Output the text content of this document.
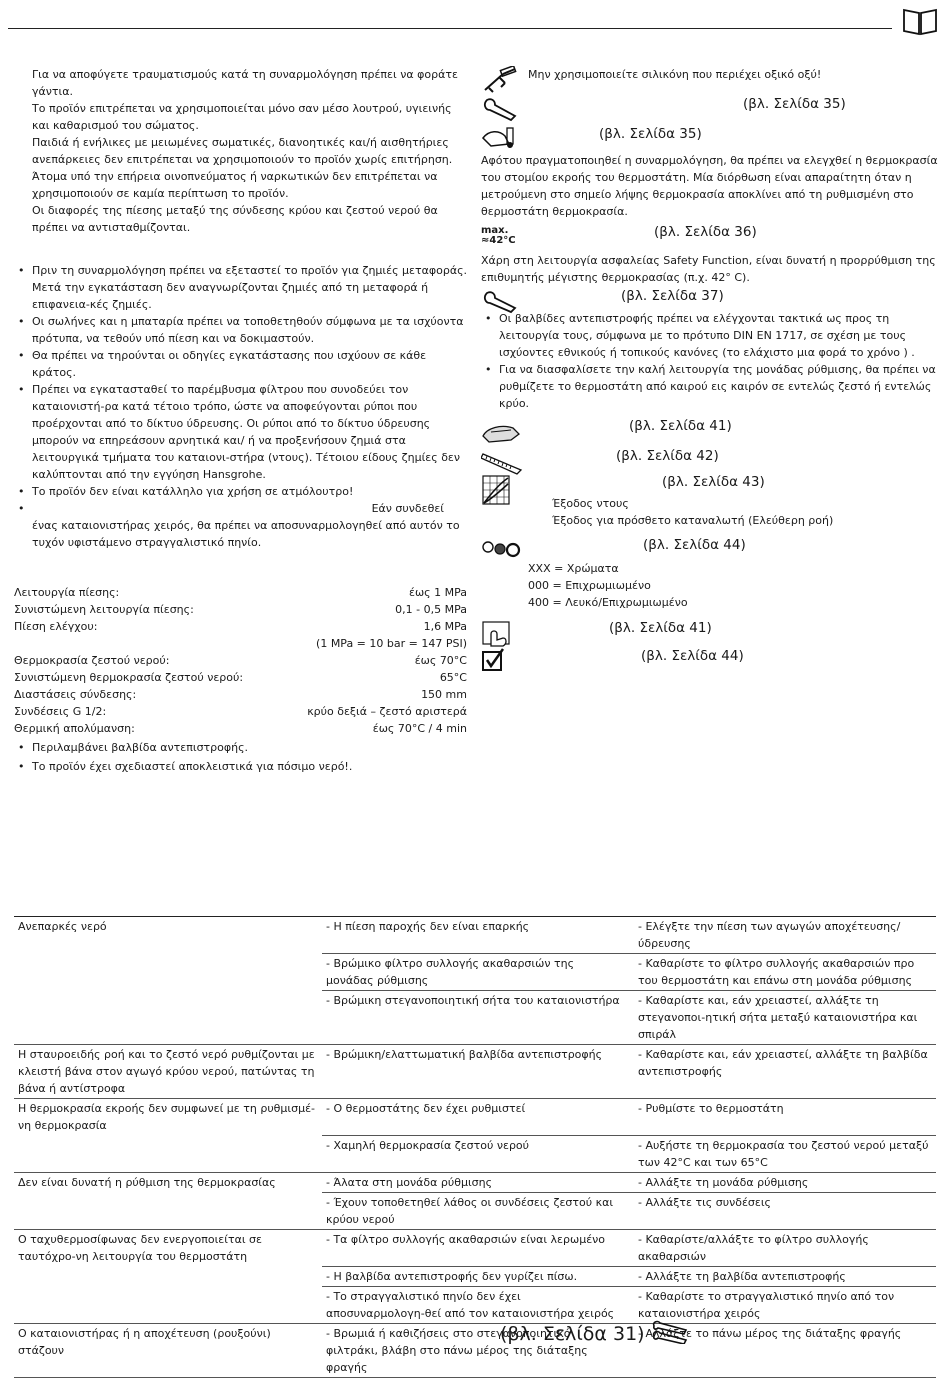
Για να αποφύγετε τραυματισμούς κατά τη συναρμολόγηση πρέπει να φοράτε γάντια.

Το προϊόν επιτρέπεται να χρησιμοποιείται μόνο σαν μέσο λουτρού, υγιεινής και καθαρισμού του σώματος.

Παιδιά ή ενήλικες με μειωμένες σωματικές, διανοητικές και/ή αισθητήριες ανεπάρκειες δεν επιτρέπεται να χρησιμοποιούν το προϊόν χωρίς επιτήρηση. Άτομα υπό την επήρεια οινοπνεύματος ή ναρκωτικών δεν επιτρέπεται να χρησιμοποιούν σε καμία περίπτωση το προϊόν.

Οι διαφορές της πίεσης μεταξύ της σύνδεσης κρύου και ζεστού νερού θα πρέπει να αντισταθμίζονται.

• Πριν τη συναρμολόγηση πρέπει να εξεταστεί το προϊόν για ζημιές μεταφοράς. Μετά την εγκατάσταση δεν αναγνωρίζονται ζημιές από τη μεταφορά ή επιφανεια-κές ζημιές.
• Οι σωλήνες και η μπαταρία πρέπει να τοποθετηθούν σύμφωνα με τα ισχύοντα πρότυπα, να τεθούν υπό πίεση και να δοκιμαστούν.
• Θα πρέπει να τηρούνται οι οδηγίες εγκατάστασης που ισχύουν σε κάθε κράτος.
• Πρέπει να εγκατασταθεί το παρέμβυσμα φίλτρου που συνοδεύει τον καταιονιστή-ρα κατά τέτοιο τρόπο, ώστε να αποφεύγονται ρύποι που προέρχονται από το δίκτυο ύδρευσης. Οι ρύποι από το δίκτυο ύδρευσης μπορούν να επηρεάσουν αρνητικά και/ ή να προξενήσουν ζημιά στα λειτουργικά τμήματα του καταιονι-στήρα (ντους). Τέτοιου είδους ζημίες δεν καλύπτονται από την εγγύηση Hansgrohe.
• Το προϊόν δεν είναι κατάλληλο για χρήση σε ατμόλουτρο!
• Εάν συνδεθεί
ένας καταιονιστήρας χειρός, θα πρέπει να αποσυναρμολογηθεί από αυτόν το τυχόν υφιστάμενο στραγγαλιστικό πηνίο.
Λειτουργία πίεσης:	έως 1 MPa
Συνιστώμενη λειτουργία πίεσης:	0,1 - 0,5 MPa
Πίεση ελέγχου:	1,6 MPa
(1 MPa = 10 bar = 147 PSI)
Θερμοκρασία ζεστού νερού:	έως 70°C
Συνιστώμενη θερμοκρασία ζεστού νερού:	65°C
Διαστάσεις σύνδεσης:	150 mm
Συνδέσεις G 1/2:	κρύο δεξιά – ζεστό αριστερά
Θερμική απολύμανση:	έως 70°C / 4 min
• Περιλαμβάνει βαλβίδα αντεπιστροφής.
• Το προϊόν έχει σχεδιαστεί αποκλειστικά για πόσιμο νερό!.
Μην χρησιμοποιείτε σιλικόνη που περιέχει οξικό οξύ!
(βλ. Σελίδα 35)
(βλ. Σελίδα 35)
Αφότου πραγματοποιηθεί η συναρμολόγηση, θα πρέπει να ελεγχθεί η θερμοκρασία του στομίου εκροής του θερμοστάτη. Μία διόρθωση είναι απαραίτητη όταν η μετρούμενη στο σημείο λήψης θερμοκρασία αποκλίνει από τη ρυθμισμένη στο θερμοστάτη θερμοκρασία.
max.
≈42°C
(βλ. Σελίδα 36)
Χάρη στη λειτουργία ασφαλείας Safety Function, είναι δυνατή η προρρύθμιση της επιθυμητής μέγιστης θερμοκρασίας (π.χ. 42° C).
(βλ. Σελίδα 37)
• Οι βαλβίδες αντεπιστροφής πρέπει να ελέγχονται τακτικά ως προς τη λειτουργία τους, σύμφωνα με το πρότυπο DIN EN 1717, σε σχέση με τους ισχύοντες εθνικούς ή τοπικούς κανόνες (το ελάχιστο μια φορά το χρόνο ) .
• Για να διασφαλίσετε την καλή λειτουργία της μονάδας ρύθμισης, θα πρέπει να ρυθμίζετε το θερμοστάτη από καιρού εις καιρόν σε εντελώς ζεστό ή εντελώς κρύο.
(βλ. Σελίδα 41)
(βλ. Σελίδα 42)
(βλ. Σελίδα 43)
Έξοδος ντους
Έξοδος για πρόσθετο καταναλωτή (Ελεύθερη ροή)
(βλ. Σελίδα 44)
XXX = Χρώματα
000 = Επιχρωμιωμένο
400 = Λευκό/Επιχρωμιωμένο
(βλ. Σελίδα 41)
(βλ. Σελίδα 44)
Ανεπαρκές νερό	- Η πίεση παροχής δεν είναι επαρκής	- Ελέγξτε την πίεση των αγωγών αποχέτευσης/ ύδρευσης
	- Βρώμικο φίλτρο συλλογής ακαθαρσιών της μονάδας ρύθμισης	- Καθαρίστε το φίλτρο συλλογής ακαθαρσιών προ του θερμοστάτη και επάνω στη μονάδα ρύθμισης
	- Βρώμικη στεγανοποιητική σήτα του καταιονιστήρα	- Καθαρίστε και, εάν χρειαστεί, αλλάξτε τη στεγανοποι-ητική σήτα μεταξύ καταιονιστήρα και σπιράλ
Η σταυροειδής ροή και το ζεστό νερό ρυθμίζονται με κλειστή βάνα στον αγωγό κρύου νερού, πατώντας τη βάνα ή αντίστροφα	- Βρώμικη/ελαττωματική βαλβίδα αντεπιστροφής	- Καθαρίστε και, εάν χρειαστεί, αλλάξτε τη βαλβίδα αντεπιστροφής
Η θερμοκρασία εκροής δεν συμφωνεί με τη ρυθμισμέ-νη θερμοκρασία	- Ο θερμοστάτης δεν έχει ρυθμιστεί	- Ρυθμίστε το θερμοστάτη
	- Χαμηλή θερμοκρασία ζεστού νερού	- Αυξήστε τη θερμοκρασία του ζεστού νερού μεταξύ των 42°C και των 65°C
Δεν είναι δυνατή η ρύθμιση της θερμοκρασίας	- Άλατα στη μονάδα ρύθμισης	- Αλλάξτε τη μονάδα ρύθμισης
	- Έχουν τοποθετηθεί λάθος οι συνδέσεις ζεστού και κρύου νερού	- Αλλάξτε τις συνδέσεις
Ο ταχυθερμοσίφωνας δεν ενεργοποιείται σε ταυτόχρο-νη λειτουργία του θερμοστάτη	- Τα φίλτρο συλλογής ακαθαρσιών είναι λερωμένο	- Καθαρίστε/αλλάξτε το φίλτρο συλλογής ακαθαρσιών
	- Η βαλβίδα αντεπιστροφής δεν γυρίζει πίσω.	- Αλλάξτε τη βαλβίδα αντεπιστροφής
	- Το στραγγαλιστικό πηνίο δεν έχει αποσυναρμολογη-θεί από τον καταιονιστήρα χειρός	- Καθαρίστε το στραγγαλιστικό πηνίο από τον καταιονιστήρα χειρός
Ο καταιονιστήρας ή η αποχέτευση (ρουξούνι) στάζουν	- Βρωμιά ή καθιζήσεις στο στεγανοποιητικό φιλτράκι, βλάβη στο πάνω μέρος της διάταξης φραγής	- Αλλάξτε το πάνω μέρος της διάταξης φραγής
(βλ. Σελίδα 31)
